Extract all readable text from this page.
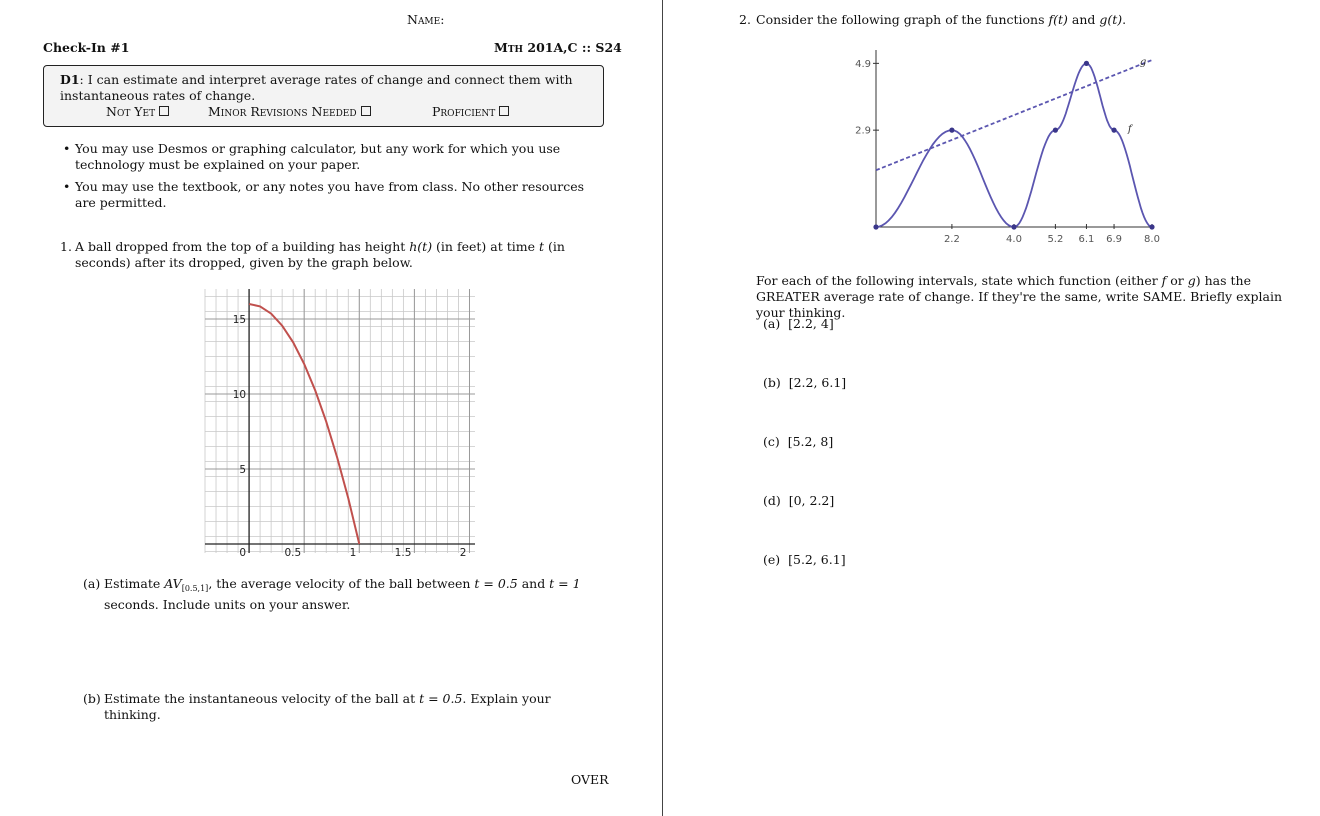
Name:
Check-In #1	Mth 201A,C :: S24
D1: I can estimate and interpret average rates of change and connect them with instantaneous rates of change.
Not Yet	Minor Revisions Needed	Proficient
• You may use Desmos or graphing calculator, but any work for which you use technology must be explained on your paper.
• You may use the textbook, or any notes you have from class. No other resources are permitted.
1. A ball dropped from the top of a building has height h(t) (in feet) at time t (in seconds) after its dropped, given by the graph below.
0	0.5	1	1.5	2
5
10
15
(a) Estimate $AV_{[0.5,1]}$, the average velocity of the ball between t = 0.5 and t = 1 seconds. Include units on your answer.
(b) Estimate the instantaneous velocity of the ball at t = 0.5. Explain your thinking.
OVER
2. Consider the following graph of the functions f(t) and g(t).
2.9
4.9
2.2	4.0	5.2 6.1 6.9 8.0
g
f
For each of the following intervals, state which function (either f or g) has the GREATER average rate of change. If they're the same, write SAME. Briefly explain your thinking.
(a) [2.2, 4]
(b) [2.2, 6.1]
(c) [5.2, 8]
(d) [0, 2.2]
(e) [5.2, 6.1]
